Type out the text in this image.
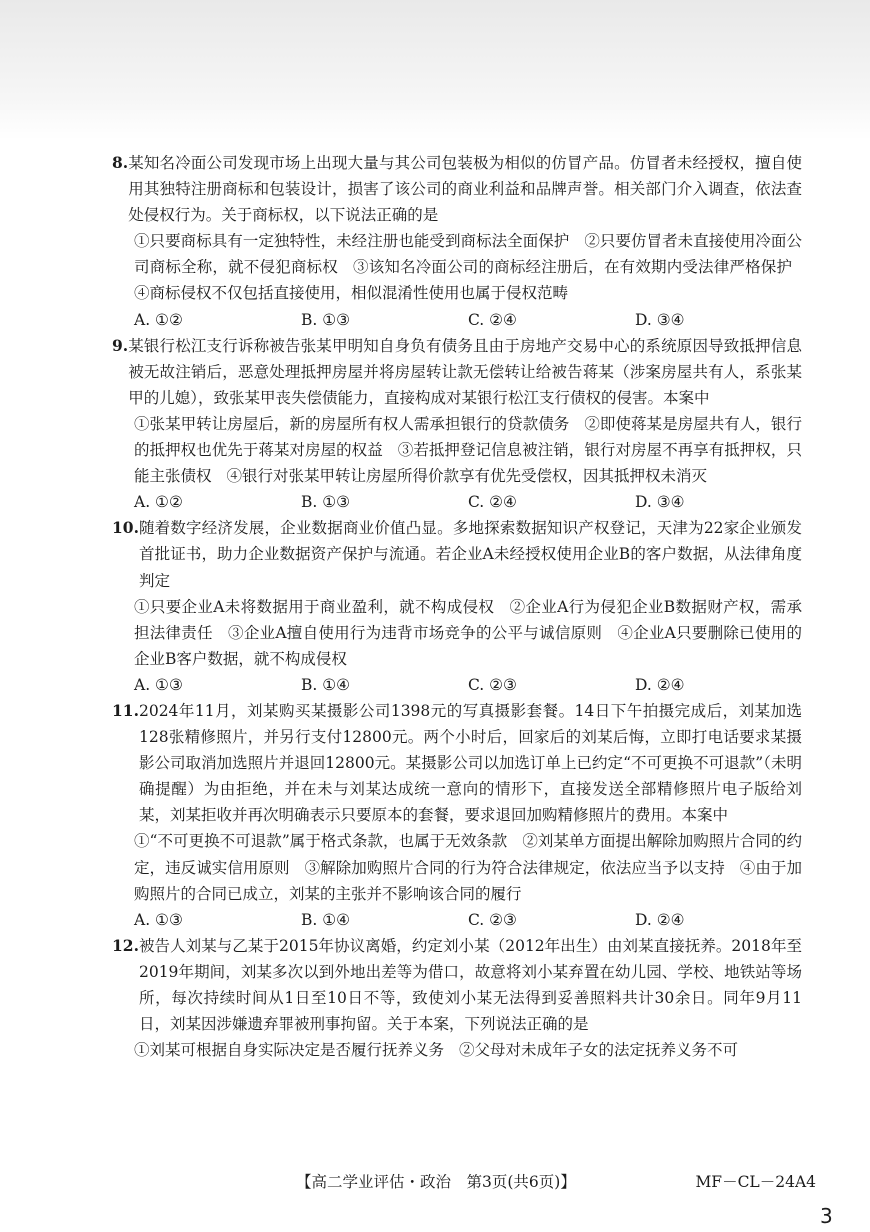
8. 某知名冷面公司发现市场上出现大量与其公司包装极为相似的仿冒产品。仿冒者未经授权，擅自使用其独特注册商标和包装设计，损害了该公司的商业利益和品牌声誉。相关部门介入调查，依法查处侵权行为。关于商标权，以下说法正确的是
①只要商标具有一定独特性，未经注册也能受到商标法全面保护 ②只要仿冒者未直接使用冷面公司商标全称，就不侵犯商标权 ③该知名冷面公司的商标经注册后，在有效期内受法律严格保护 ④商标侵权不仅包括直接使用，相似混淆性使用也属于侵权范畴
A. ①②	B. ①③	C. ②④	D. ③④
9. 某银行松江支行诉称被告张某甲明知自身负有债务且由于房地产交易中心的系统原因导致抵押信息被无故注销后，恶意处理抵押房屋并将房屋转让款无偿转让给被告蒋某（涉案房屋共有人，系张某甲的儿媳），致张某甲丧失偿债能力，直接构成对某银行松江支行债权的侵害。本案中
①张某甲转让房屋后，新的房屋所有权人需承担银行的贷款债务 ②即使蒋某是房屋共有人，银行的抵押权也优先于蒋某对房屋的权益 ③若抵押登记信息被注销，银行对房屋不再享有抵押权，只能主张债权 ④银行对张某甲转让房屋所得价款享有优先受偿权，因其抵押权未消灭
A. ①②	B. ①③	C. ②④	D. ③④
10. 随着数字经济发展，企业数据商业价值凸显。多地探索数据知识产权登记，天津为22家企业颁发首批证书，助力企业数据资产保护与流通。若企业A未经授权使用企业B的客户数据，从法律角度判定
①只要企业A未将数据用于商业盈利，就不构成侵权 ②企业A行为侵犯企业B数据财产权，需承担法律责任 ③企业A擅自使用行为违背市场竞争的公平与诚信原则 ④企业A只要删除已使用的企业B客户数据，就不构成侵权
A. ①③	B. ①④	C. ②③	D. ②④
11. 2024年11月，刘某购买某摄影公司1398元的写真摄影套餐。14日下午拍摄完成后，刘某加选128张精修照片，并另行支付12800元。两个小时后，回家后的刘某后悔，立即打电话要求某摄影公司取消加选照片并退回12800元。某摄影公司以加选订单上已约定“不可更换不可退款”（未明确提醒）为由拒绝，并在未与刘某达成统一意向的情形下，直接发送全部精修照片电子版给刘某，刘某拒收并再次明确表示只要原本的套餐，要求退回加购精修照片的费用。本案中
①“不可更换不可退款”属于格式条款，也属于无效条款 ②刘某单方面提出解除加购照片合同的约定，违反诚实信用原则 ③解除加购照片合同的行为符合法律规定，依法应当予以支持 ④由于加购照片的合同已成立，刘某的主张并不影响该合同的履行
A. ①③	B. ①④	C. ②③	D. ②④
12. 被告人刘某与乙某于2015年协议离婚，约定刘小某（2012年出生）由刘某直接抚养。2018年至2019年期间，刘某多次以到外地出差等为借口，故意将刘小某弃置在幼儿园、学校、地铁站等场所，每次持续时间从1日至10日不等，致使刘小某无法得到妥善照料共计30余日。同年9月11日，刘某因涉嫌遗弃罪被刑事拘留。关于本案，下列说法正确的是
①刘某可根据自身实际决定是否履行抚养义务 ②父母对未成年子女的法定抚养义务不可
【高二学业评估・政治　第3页(共6页)】	MF－CL－24A4
3
